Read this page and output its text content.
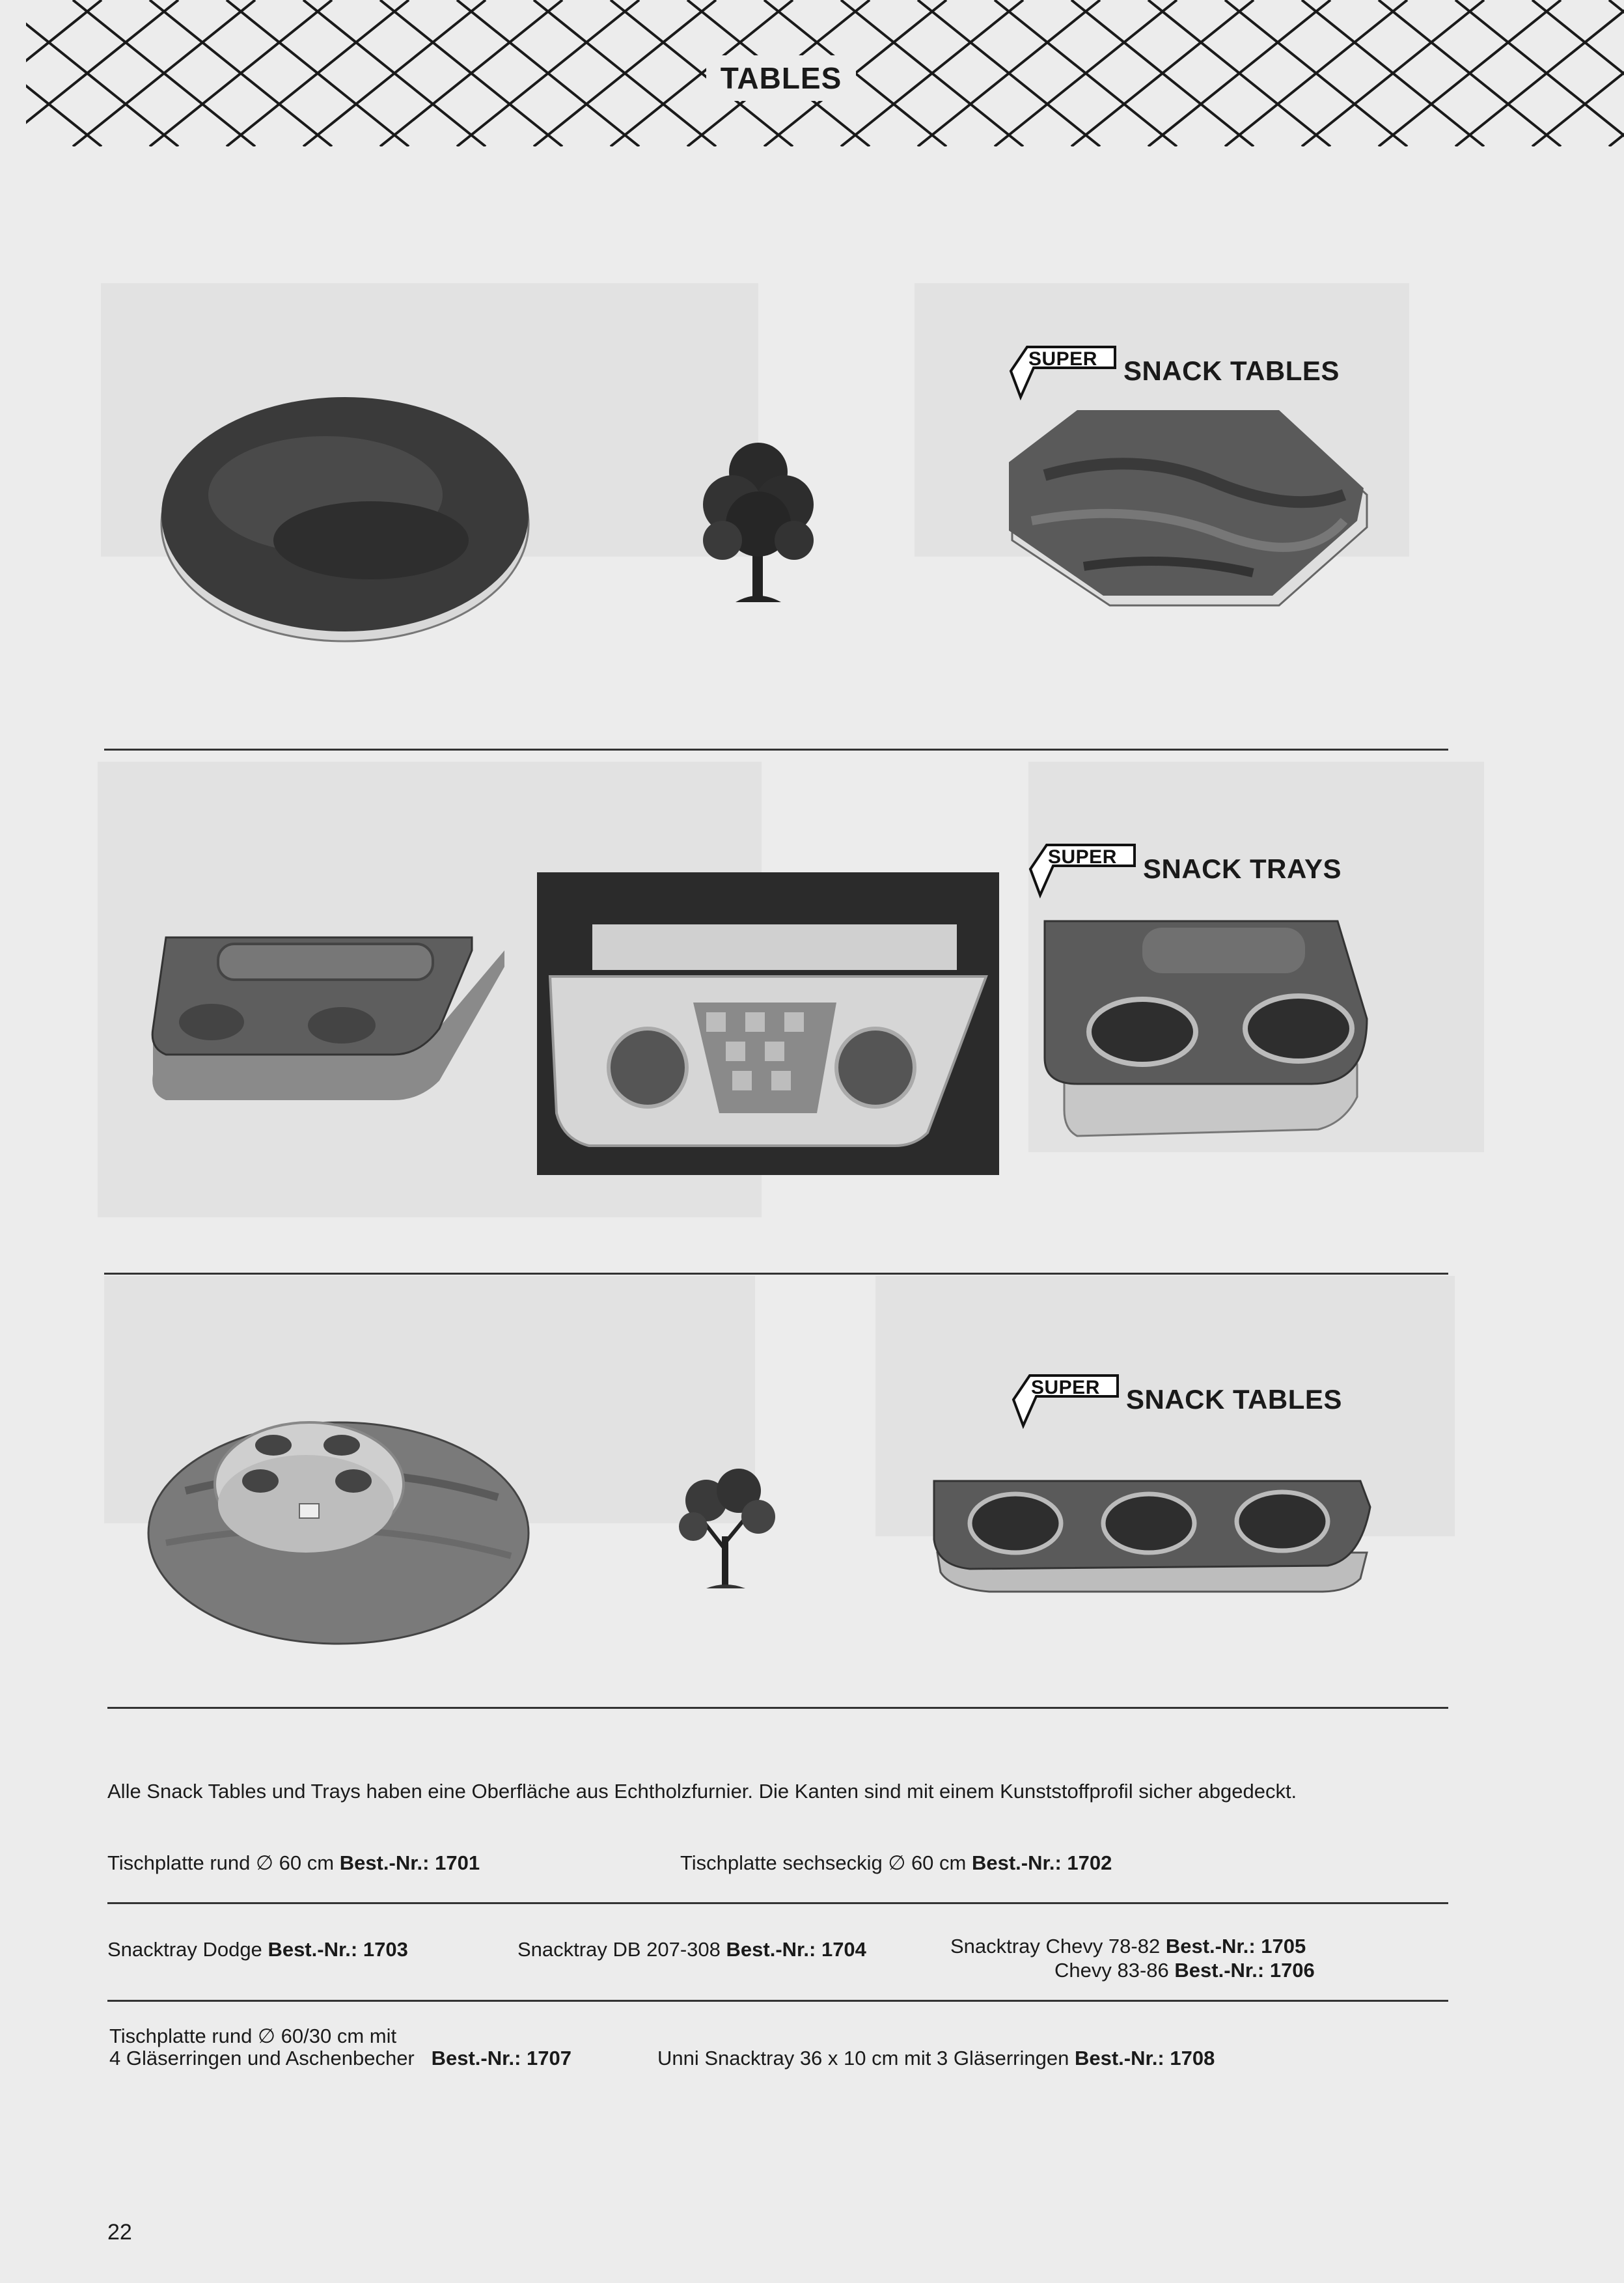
TABLES
SUPER SNACK TABLES
SUPER SNACK TRAYS
SUPER SNACK TABLES
Alle Snack Tables und Trays haben eine Oberfläche aus Echtholzfurnier. Die Kanten sind mit einem Kunststoffprofil sicher abgedeckt.
Tischplatte rund ∅ 60 cm Best.-Nr.: 1701	Tischplatte sechseckig ∅ 60 cm Best.-Nr.: 1702
Snacktray Dodge Best.-Nr.: 1703	Snacktray DB 207-308 Best.-Nr.: 1704	Snacktray Chevy 78-82 Best.-Nr.: 1705
Chevy 83-86 Best.-Nr.: 1706
Tischplatte rund ∅ 60/30 cm mit
4 Gläserringen und Aschenbecher Best.-Nr.: 1707	Unni Snacktray 36 x 10 cm mit 3 Gläserringen Best.-Nr.: 1708
22
